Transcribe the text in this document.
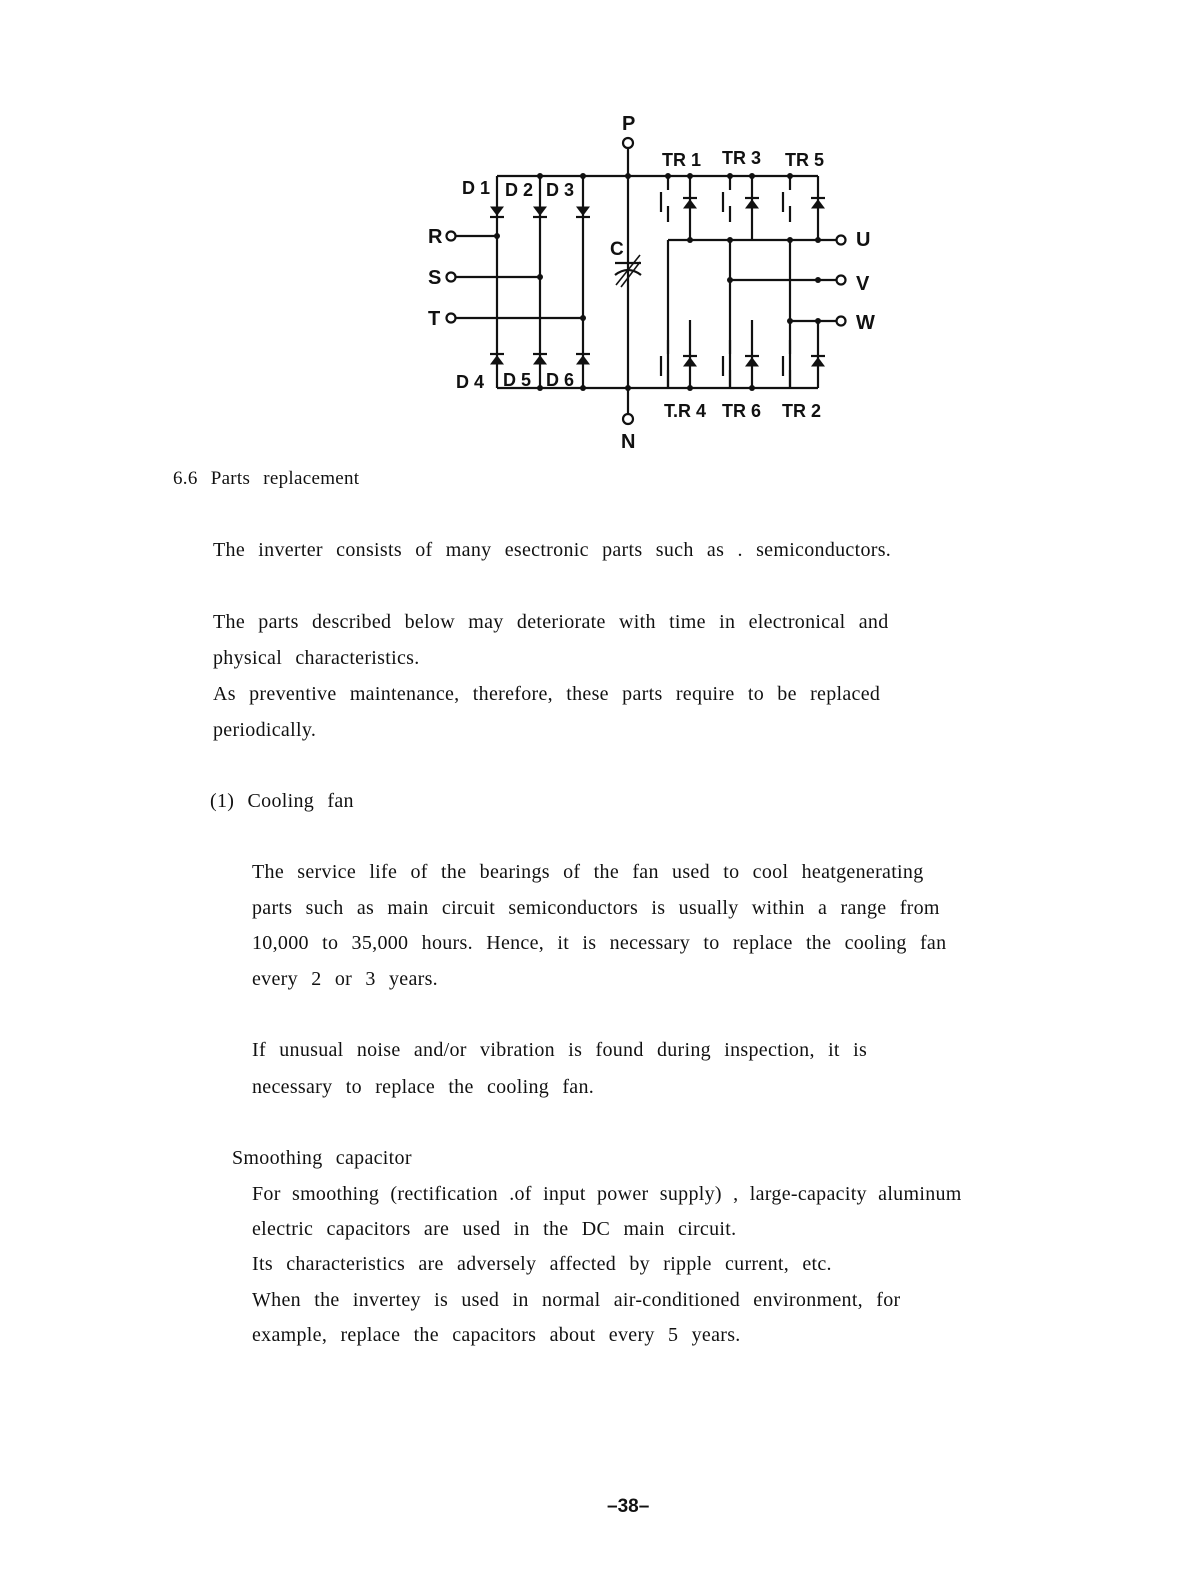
P
N
R
S
T
U
V
W
C
D 1 D 2 D 3
D 4 D 5 D 6
TR 1 TR 3 TR 5
T.R 4 TR 6 TR 2
6.6 Parts replacement
The inverter consists of many esectronic parts such as . semiconductors.
The parts described below may deteriorate with time in electronical and
physical characteristics.
As preventive maintenance, therefore, these parts require to be replaced
periodically.
(1) Cooling fan
The service life of the bearings of the fan used to cool heatgenerating
parts such as main circuit semiconductors is usually within a range from
10,000 to 35,000 hours. Hence, it is necessary to replace the cooling fan
every 2 or 3 years.
If unusual noise and/or vibration is found during inspection, it is
necessary to replace the cooling fan.
Smoothing capacitor
For smoothing (rectification .of input power supply) , large-capacity aluminum
electric capacitors are used in the DC main circuit.
Its characteristics are adversely affected by ripple current, etc.
When the invertey is used in normal air-conditioned environment, for
example, replace the capacitors about every 5 years.
–38–
